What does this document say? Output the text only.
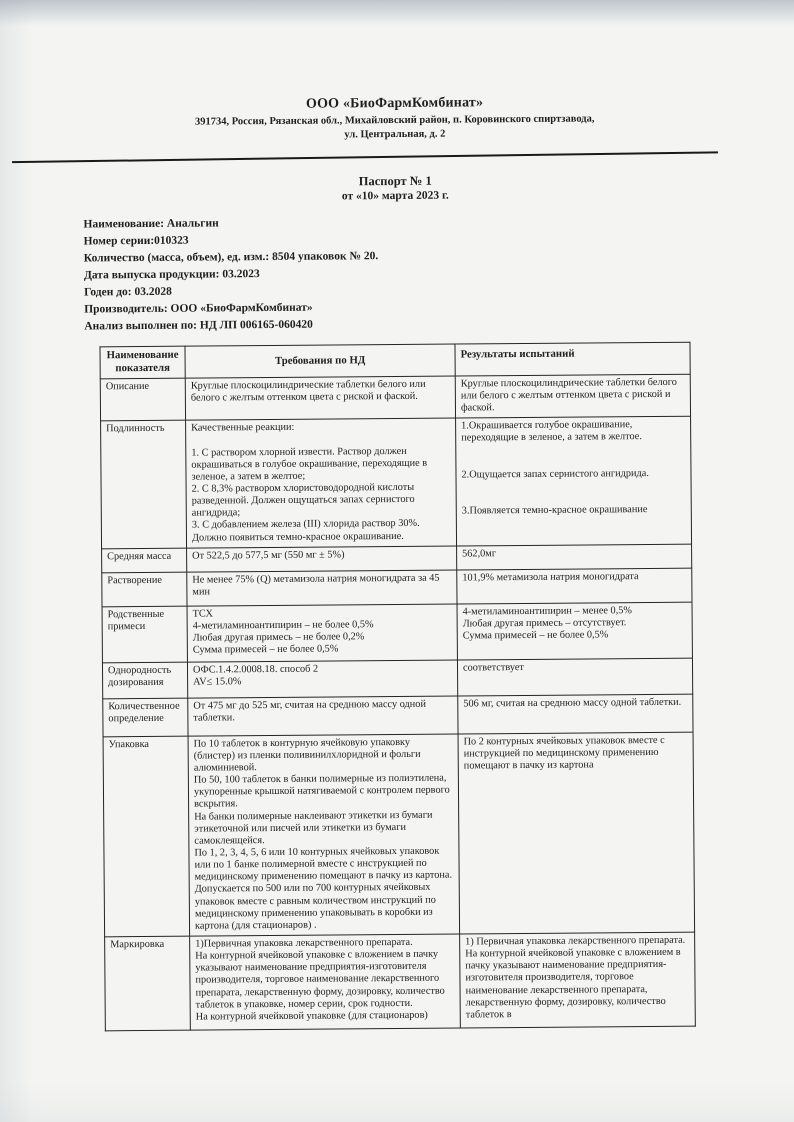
ООО «БиоФармКомбинат»
391734, Россия, Рязанская обл., Михайловский район, п. Коровинского спиртзавода,
ул. Центральная, д. 2
Паспорт № 1
от «10» марта 2023 г.
Наименование: Анальгин
Номер серии:010323
Количество (масса, объем), ед. изм.: 8504 упаковок № 20.
Дата выпуска продукции: 03.2023
Годен до: 03.2028
Производитель: ООО «БиоФармКомбинат»
Анализ выполнен по: НД ЛП 006165-060420
Наименование показателя	Требования по НД	Результаты испытаний
Описание	Круглые плоскоцилиндрические таблетки белого или белого с желтым оттенком цвета с риской и фаской.	Круглые плоскоцилиндрические таблетки белого или белого с желтым оттенком цвета с риской и фаской.
Подлинность	Качественные реакции:

1. С раствором хлорной извести. Раствор должен окрашиваться в голубое окрашивание, переходящие в зеленое, а затем в желтое;
2. С 8,3% раствором хлористоводородной кислоты разведенной. Должен ощущаться запах сернистого ангидрида;
3. С добавлением железа (III) хлорида раствор 30%. Должно появиться темно-красное окрашивание.	1.Окрашивается голубое окрашивание, переходящие в зеленое, а затем в желтое.

2.Ощущается запах сернистого ангидрида.

3.Появляется темно-красное окрашивание
Средняя масса	От 522,5 до 577,5 мг (550 мг ± 5%)	562,0мг
Растворение	Не менее 75% (Q) метамизола натрия моногидрата за 45 мин	101,9% метамизола натрия моногидрата
Родственные примеси	ТСХ
4-метиламиноантипирин – не более 0,5%
Любая другая примесь – не более 0,2%
Сумма примесей – не более 0,5%	4-метиламиноантипирин – менее 0,5%
Любая другая примесь – отсутствует.
Сумма примесей – не более 0,5%
Однородность дозирования	ОФС.1.4.2.0008.18. способ 2
AV≤ 15.0%	соответствует
Количественное определение	От 475 мг до 525 мг, считая на среднюю массу одной таблетки.	506 мг, считая на среднюю массу одной таблетки.
Упаковка	По 10 таблеток в контурную ячейковую упаковку (блистер) из пленки поливинилхлоридной и фольги алюминиевой.
По 50, 100 таблеток в банки полимерные из полиэтилена, укупоренные крышкой натягиваемой с контролем первого вскрытия.
На банки полимерные наклеивают этикетки из бумаги этикеточной или писчей или этикетки из бумаги самоклеящейся.
По 1, 2, 3, 4, 5, 6 или 10 контурных ячейковых упаковок или по 1 банке полимерной вместе с инструкцией по медицинскому применению помещают в пачку из картона.
Допускается по 500 или по 700 контурных ячейковых упаковок вместе с равным количеством инструкций по медицинскому применению упаковывать в коробки из картона (для стационаров) .	По 2 контурных ячейковых упаковок вместе с инструкцией по медицинскому применению помещают в пачку из картона
Маркировка	1)Первичная упаковка лекарственного препарата.
На контурной ячейковой упаковке с вложением в пачку указывают наименование предприятия-изготовителя производителя, торговое наименование лекарственного препарата, лекарственную форму, дозировку, количество таблеток в упаковке, номер серии, срок годности.
На контурной ячейковой упаковке (для стационаров)	1) Первичная упаковка лекарственного препарата. На контурной ячейковой упаковке с вложением в пачку указывают наименование предприятия-изготовителя производителя, торговое наименование лекарственного препарата, лекарственную форму, дозировку, количество таблеток в
